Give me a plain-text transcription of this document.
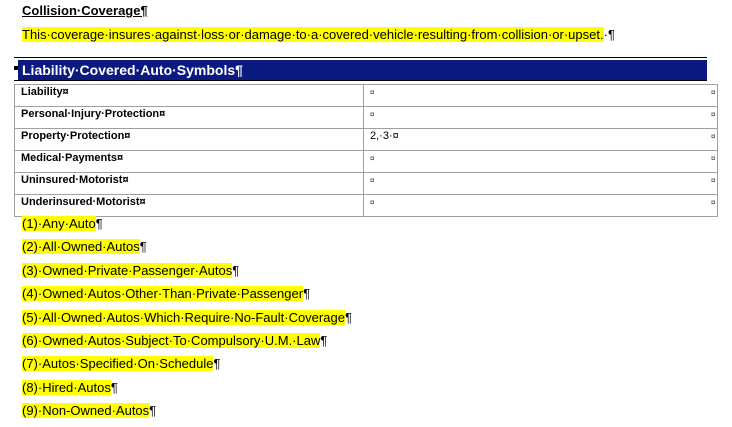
Collision·Coverage¶
This·coverage·insures·against·loss·or·damage·to·a·covered·vehicle·resulting·from·collision·or·upset.·¶
Liability·Covered·Auto·Symbols¶
Liability¤	¤
Personal·Injury·Protection¤	¤
Property·Protection¤	2,·3·¤
Medical·Payments¤	¤
Uninsured·Motorist¤	¤
Underinsured·Motorist¤	¤
¤
¤
¤
¤
¤
¤
(1)·Any·Auto¶
(2)·All·Owned·Autos¶
(3)·Owned·Private·Passenger·Autos¶
(4)·Owned·Autos·Other·Than·Private·Passenger¶
(5)·All·Owned·Autos·Which·Require·No-Fault·Coverage¶
(6)·Owned·Autos·Subject·To·Compulsory·U.M.·Law¶
(7)·Autos·Specified·On·Schedule¶
(8)·Hired·Autos¶
(9)·Non-Owned·Autos¶
